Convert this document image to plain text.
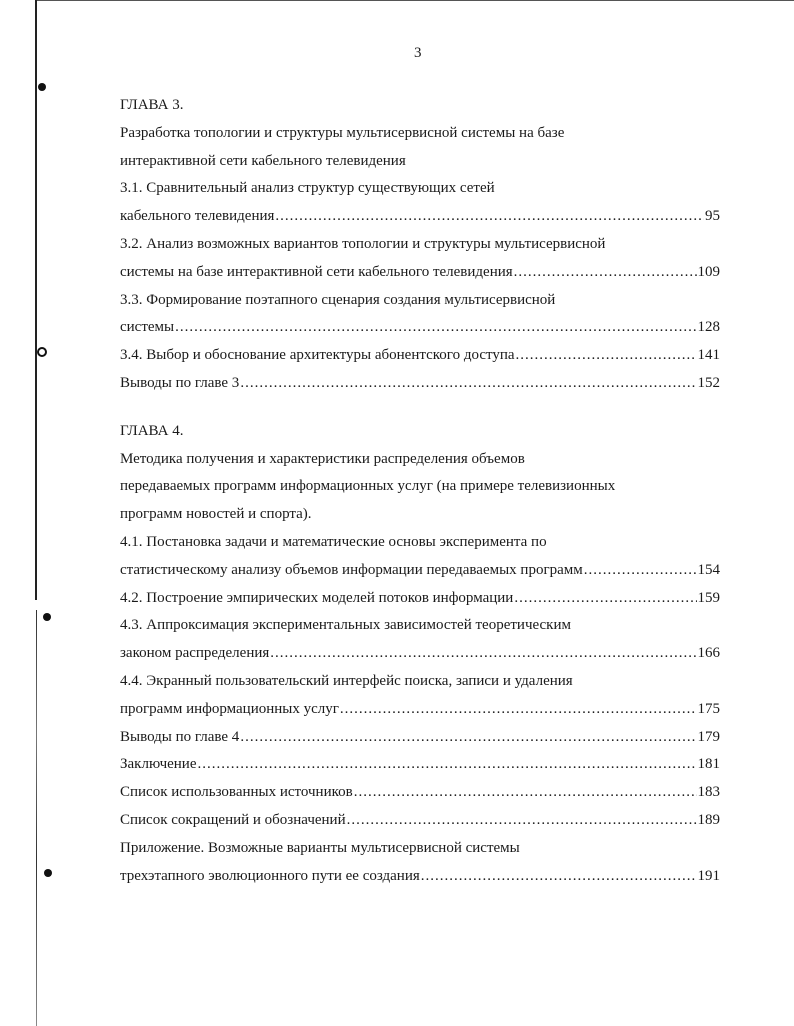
3
ГЛАВА 3.
Разработка топологии и структуры мультисервисной системы на базе
интерактивной сети кабельного телевидения
3.1. Сравнительный анализ структур существующих сетей
кабельного телевидения .....	95
3.2. Анализ возможных вариантов топологии и структуры мультисервисной
системы на базе интерактивной сети кабельного телевидения .....	109
3.3. Формирование поэтапного сценария создания мультисервисной
системы .....	128
3.4. Выбор и обоснование архитектуры абонентского доступа .....	141
Выводы по главе 3 .....	152
ГЛАВА 4.
Методика получения и характеристики распределения объемов
передаваемых программ информационных услуг (на примере телевизионных
программ новостей и спорта).
4.1. Постановка задачи и математические основы эксперимента по
статистическому анализу объемов информации передаваемых программ .....	154
4.2. Построение эмпирических моделей потоков информации .....	159
4.3. Аппроксимация экспериментальных зависимостей теоретическим
законом распределения .....	166
4.4. Экранный пользовательский интерфейс поиска, записи и удаления
программ информационных услуг .....	175
Выводы по главе 4 .....	179
Заключение .....	181
Список использованных источников .....	183
Список сокращений и обозначений .....	189
Приложение. Возможные варианты мультисервисной системы
трехэтапного эволюционного пути ее создания .....	191
